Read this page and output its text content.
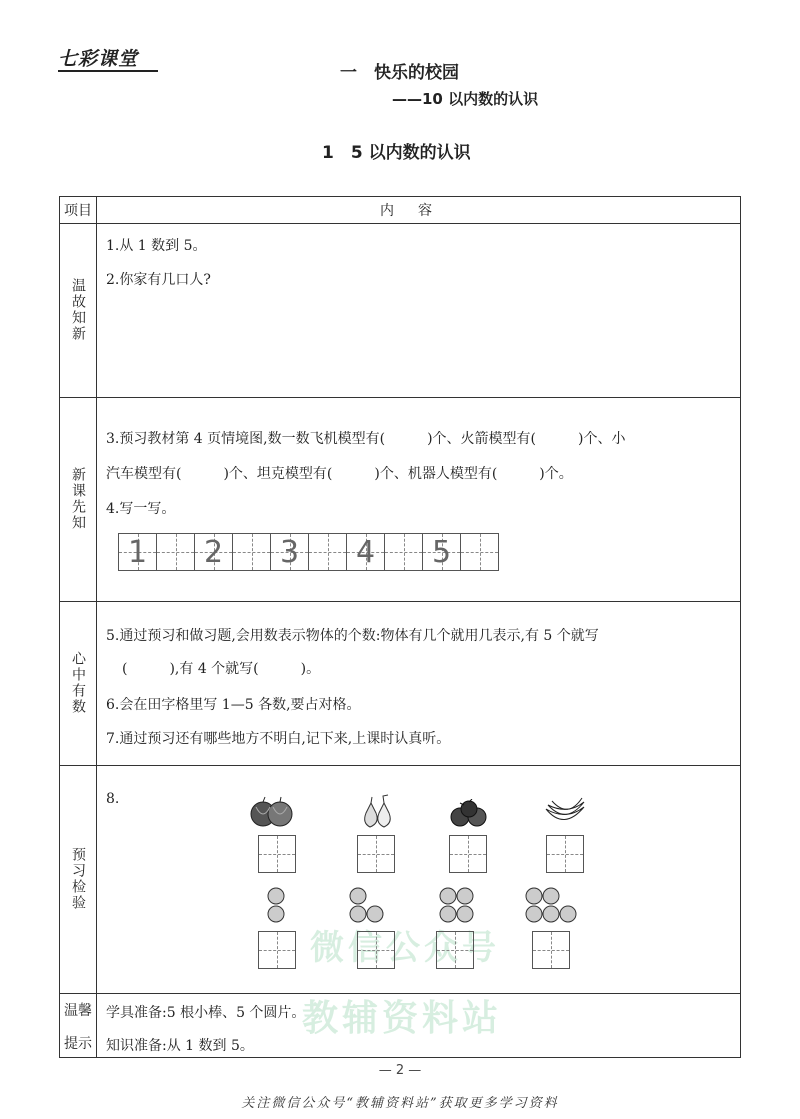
七彩课堂
一　快乐的校园
——10 以内数的认识
1　5 以内数的认识
微信公众号
教辅资料站
项目	内容
温故知新
1.从 1 数到 5。
2.你家有几口人?
新课先知
3.预习教材第 4 页情境图,数一数飞机模型有(　　　)个、火箭模型有(　　　)个、小
汽车模型有(　　　)个、坦克模型有(　　　)个、机器人模型有(　　　)个。
4.写一写。
1 2 3 4 5
心中有数
5.通过预习和做习题,会用数表示物体的个数:物体有几个就用几表示,有 5 个就写
(　　　),有 4 个就写(　　　)。
6.会在田字格里写 1—5 各数,要占对格。
7.通过预习还有哪些地方不明白,记下来,上课时认真听。
预习检验
8.
温馨
提示
学具准备:5 根小棒、5 个圆片。
知识准备:从 1 数到 5。
— 2 —
关注微信公众号“教辅资料站”获取更多学习资料
